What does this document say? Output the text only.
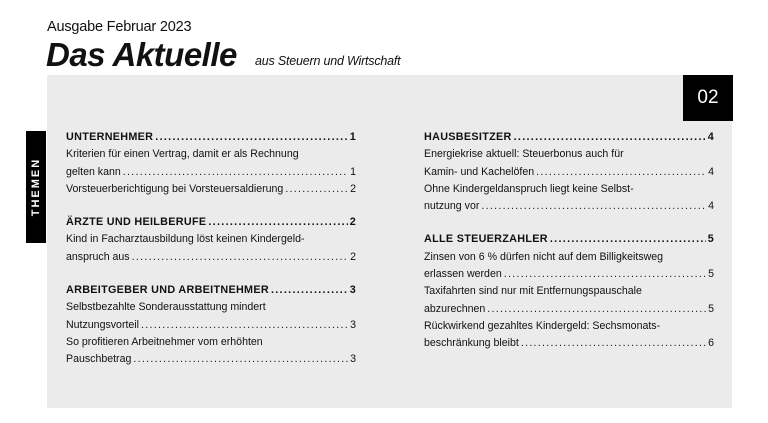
Ausgabe Februar 2023
Das Aktuelle aus Steuern und Wirtschaft
02
THEMEN
UNTERNEHMER .....	1
Kriterien für einen Vertrag, damit er als Rechnung
gelten kann .....	1
Vorsteuerberichtigung bei Vorsteuersaldierung .....	2
ÄRZTE UND HEILBERUFE .....	2
Kind in Facharztausbildung löst keinen Kindergeld-
anspruch aus .....	2
ARBEITGEBER UND ARBEITNEHMER .....	3
Selbstbezahlte Sonderausstattung mindert
Nutzungsvorteil .....	3
So profitieren Arbeitnehmer vom erhöhten
Pauschbetrag .....	3
HAUSBESITZER .....	4
Energiekrise aktuell: Steuerbonus auch für
Kamin- und Kachelöfen .....	4
Ohne Kindergeldanspruch liegt keine Selbst-
nutzung vor .....	4
ALLE STEUERZAHLER .....	5
Zinsen von 6 % dürfen nicht auf dem Billigkeitsweg
erlassen werden .....	5
Taxifahrten sind nur mit Entfernungspauschale
abzurechnen .....	5
Rückwirkend gezahltes Kindergeld: Sechsmonats-
beschränkung bleibt .....	6
